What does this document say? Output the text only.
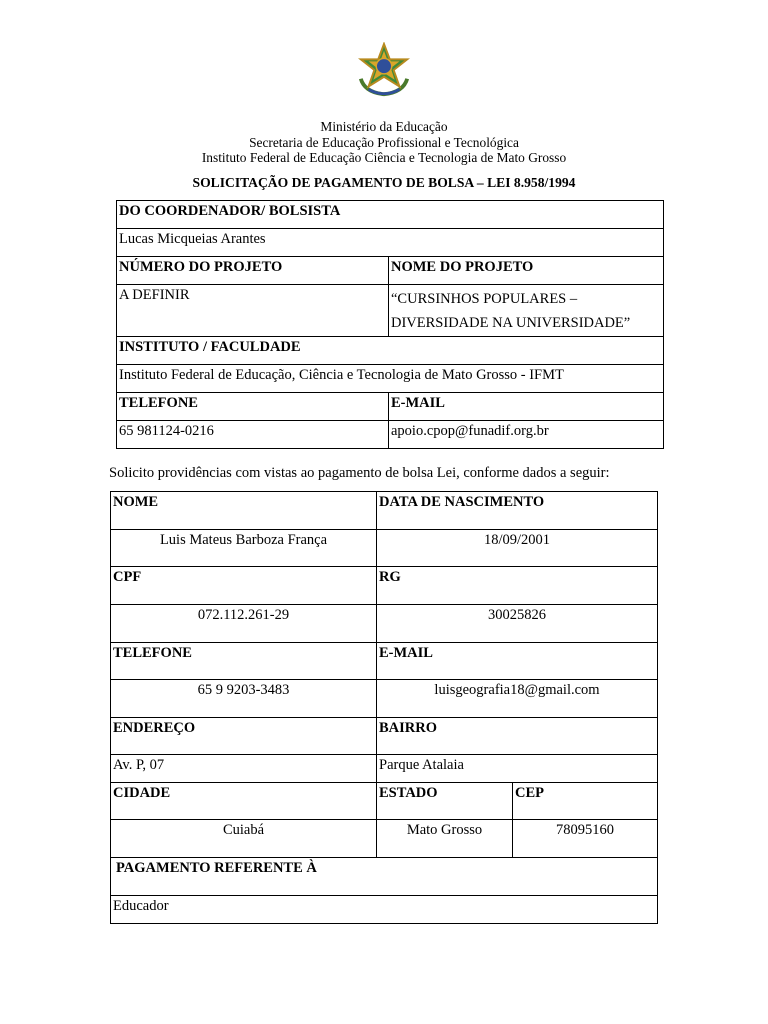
Ministério da Educação
Secretaria de Educação Profissional e Tecnológica
Instituto Federal de Educação Ciência e Tecnologia de Mato Grosso
SOLICITAÇÃO DE PAGAMENTO DE BOLSA – LEI 8.958/1994
DO COORDENADOR/ BOLSISTA	
Lucas Micqueias Arantes	
NÚMERO DO PROJETO	NOME DO PROJETO
A DEFINIR	“CURSINHOS POPULARES –
DIVERSIDADE NA UNIVERSIDADE”

INSTITUTO / FACULDADE	
Instituto Federal de Educação, Ciência e Tecnologia de Mato Grosso - IFMT	
TELEFONE	E-MAIL
65 981124-0216	apoio.cpop@funadif.org.br
Solicito providências com vistas ao pagamento de bolsa Lei, conforme dados a seguir:
NOME	DATA DE NASCIMENTO	
Luis Mateus Barboza França	18/09/2001	
CPF	RG	
072.112.261-29	30025826	
TELEFONE	E-MAIL	
65 9 9203-3483	luisgeografia18@gmail.com	
ENDEREÇO	BAIRRO	
Av. P, 07	Parque Atalaia	
CIDADE	ESTADO	CEP
Cuiabá	Mato Grosso	78095160
PAGAMENTO REFERENTE À		
Educador		
